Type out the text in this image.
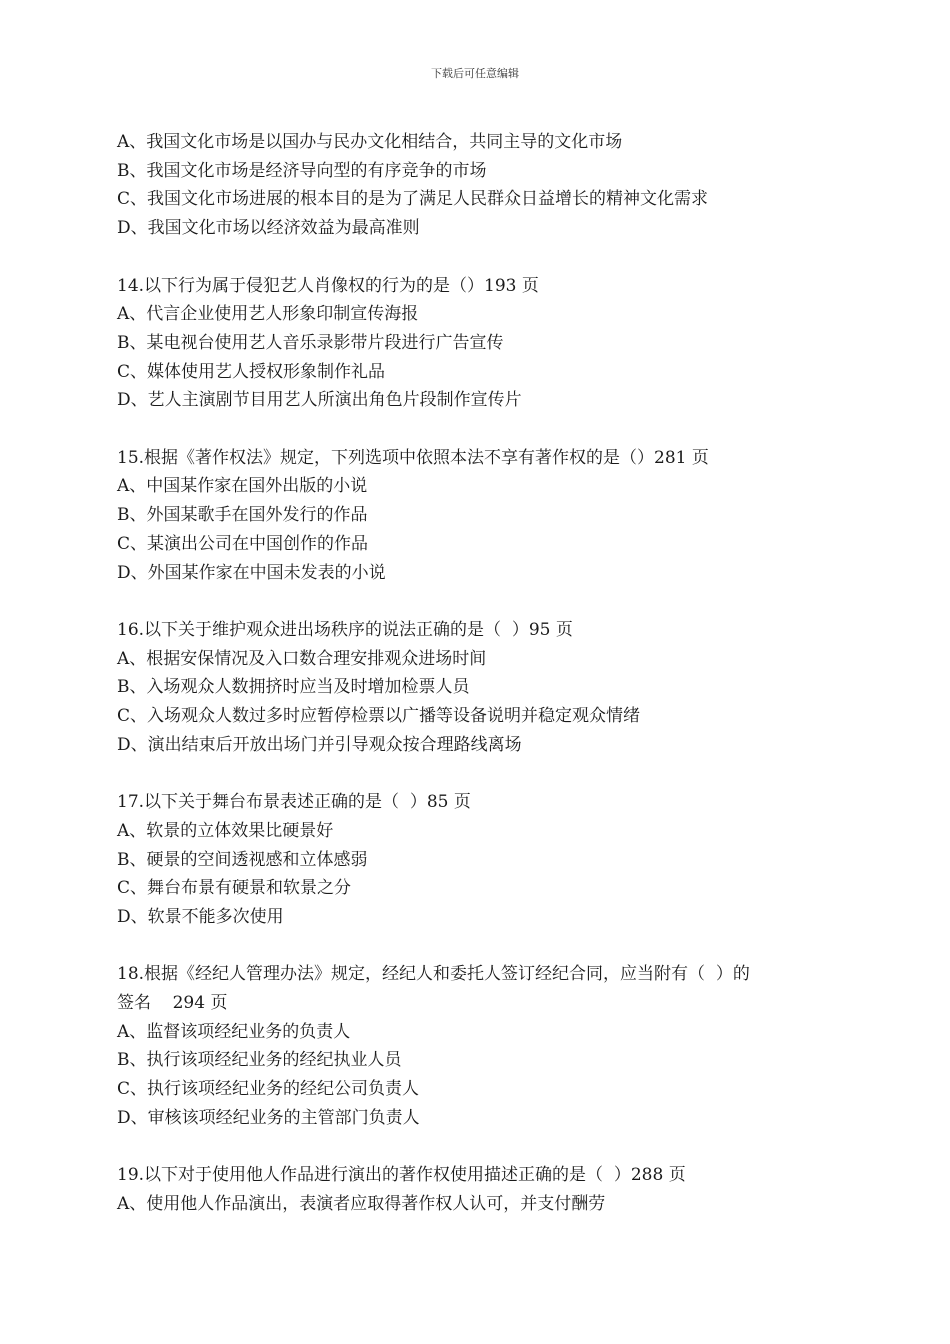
下载后可任意编辑
A、我国文化市场是以国办与民办文化相结合，共同主导的文化市场
B、我国文化市场是经济导向型的有序竞争的市场
C、我国文化市场进展的根本目的是为了满足人民群众日益增长的精神文化需求
D、我国文化市场以经济效益为最高准则
14.以下行为属于侵犯艺人肖像权的行为的是（）193 页
A、代言企业使用艺人形象印制宣传海报
B、某电视台使用艺人音乐录影带片段进行广告宣传
C、媒体使用艺人授权形象制作礼品
D、艺人主演剧节目用艺人所演出角色片段制作宣传片
15.根据《著作权法》规定，下列选项中依照本法不享有著作权的是（）281 页
A、中国某作家在国外出版的小说
B、外国某歌手在国外发行的作品
C、某演出公司在中国创作的作品
D、外国某作家在中国未发表的小说
16.以下关于维护观众进出场秩序的说法正确的是（  ）95 页
A、根据安保情况及入口数合理安排观众进场时间
B、入场观众人数拥挤时应当及时增加检票人员
C、入场观众人数过多时应暂停检票以广播等设备说明并稳定观众情绪
D、演出结束后开放出场门并引导观众按合理路线离场
17.以下关于舞台布景表述正确的是（  ）85 页
A、软景的立体效果比硬景好
B、硬景的空间透视感和立体感弱
C、舞台布景有硬景和软景之分
D、软景不能多次使用
18.根据《经纪人管理办法》规定，经纪人和委托人签订经纪合同，应当附有（  ）的
签名    294 页
A、监督该项经纪业务的负责人
B、执行该项经纪业务的经纪执业人员
C、执行该项经纪业务的经纪公司负责人
D、审核该项经纪业务的主管部门负责人
19.以下对于使用他人作品进行演出的著作权使用描述正确的是（  ）288 页
A、使用他人作品演出，表演者应取得著作权人认可，并支付酬劳
